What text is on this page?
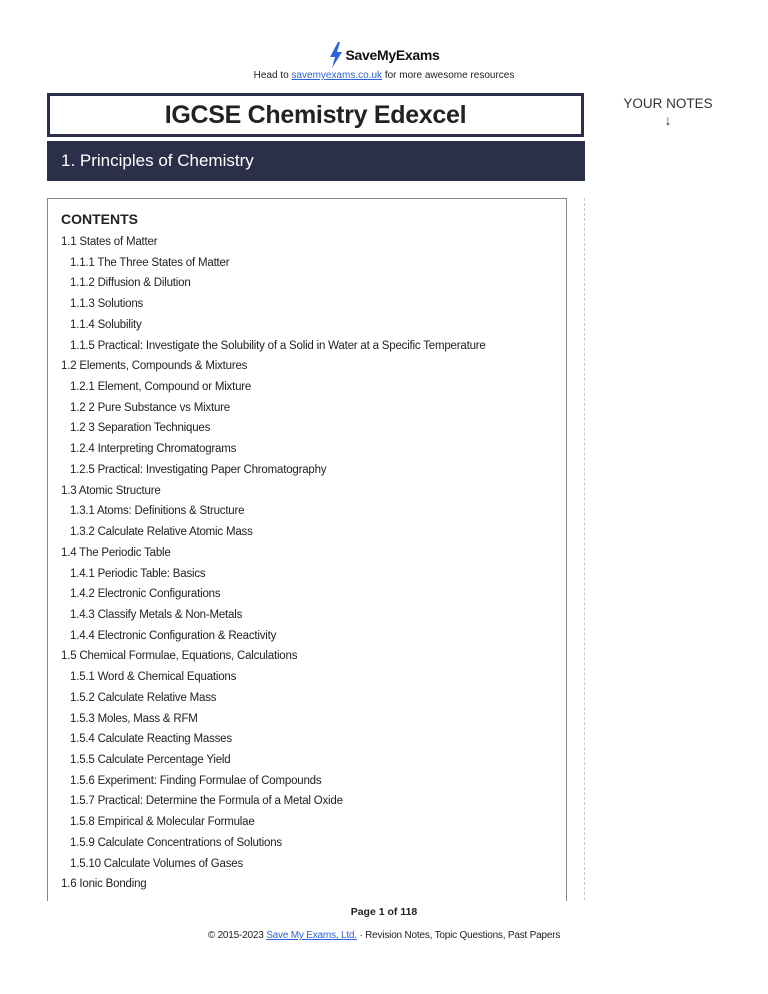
SaveMyExams
Head to savemyexams.co.uk for more awesome resources
IGCSE Chemistry Edexcel
1. Principles of Chemistry
YOUR NOTES
↓
CONTENTS
1.1 States of Matter
1.1.1 The Three States of Matter
1.1.2 Diffusion & Dilution
1.1.3 Solutions
1.1.4 Solubility
1.1.5 Practical: Investigate the Solubility of a Solid in Water at a Specific Temperature
1.2 Elements, Compounds & Mixtures
1.2.1 Element, Compound or Mixture
1.2 2 Pure Substance vs Mixture
1.2 3 Separation Techniques
1.2.4 Interpreting Chromatograms
1.2.5 Practical: Investigating Paper Chromatography
1.3 Atomic Structure
1.3.1 Atoms: Definitions & Structure
1.3.2 Calculate Relative Atomic Mass
1.4 The Periodic Table
1.4.1 Periodic Table: Basics
1.4.2 Electronic Configurations
1.4.3 Classify Metals & Non-Metals
1.4.4 Electronic Configuration & Reactivity
1.5 Chemical Formulae, Equations, Calculations
1.5.1 Word & Chemical Equations
1.5.2 Calculate Relative Mass
1.5.3 Moles, Mass & RFM
1.5.4 Calculate Reacting Masses
1.5.5 Calculate Percentage Yield
1.5.6 Experiment: Finding Formulae of Compounds
1.5.7 Practical: Determine the Formula of a Metal Oxide
1.5.8 Empirical & Molecular Formulae
1.5.9 Calculate Concentrations of Solutions
1.5.10 Calculate Volumes of Gases
1.6 Ionic Bonding
Page 1 of 118
© 2015-2023 Save My Exams, Ltd. · Revision Notes, Topic Questions, Past Papers
